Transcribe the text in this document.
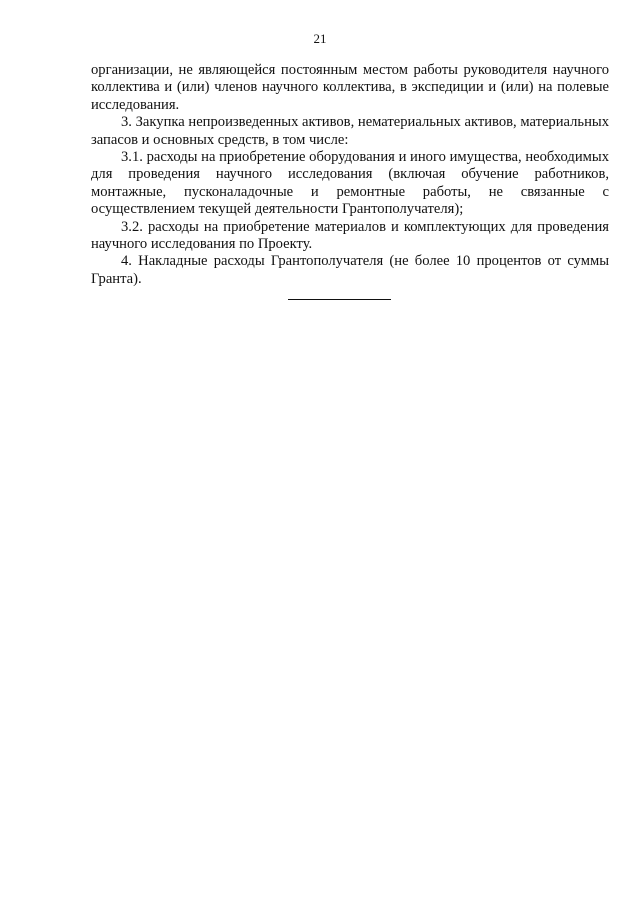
21

организации, не являющейся постоянным местом работы руководителя научного коллектива и (или) членов научного коллектива, в экспедиции и (или) на полевые исследования.

3. Закупка непроизведенных активов, нематериальных активов, материальных запасов и основных средств, в том числе:

3.1. расходы на приобретение оборудования и иного имущества, необходимых для проведения научного исследования (включая обучение работников, монтажные, пусконаладочные и ремонтные работы, не связанные с осуществлением текущей деятельности Грантополучателя);

3.2. расходы на приобретение материалов и комплектующих для проведения научного исследования по Проекту.

4. Накладные расходы Грантополучателя (не более 10 процентов от суммы Гранта).
